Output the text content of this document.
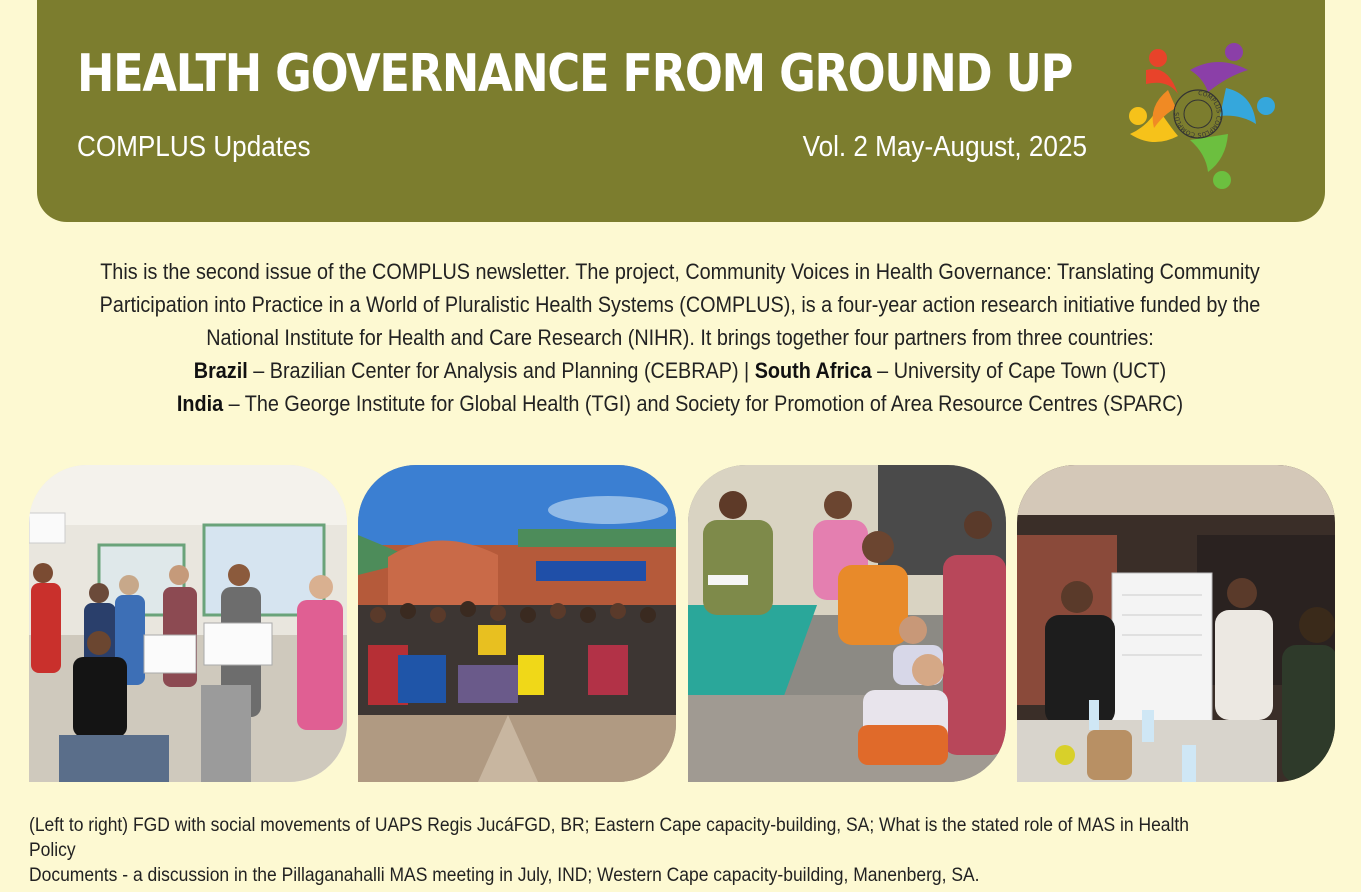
HEALTH GOVERNANCE FROM GROUND UP
COMPLUS Updates	Vol. 2 May-August, 2025
COMPLUS COMPLUS COMPLUS
This is the second issue of the COMPLUS newsletter. The project, Community Voices in Health Governance: Translating Community
Participation into Practice in a World of Pluralistic Health Systems (COMPLUS), is a four-year action research initiative funded by the
National Institute for Health and Care Research (NIHR). It brings together four partners from three countries:
Brazil – Brazilian Center for Analysis and Planning (CEBRAP) | South Africa – University of Cape Town (UCT)
India – The George Institute for Global Health (TGI) and Society for Promotion of Area Resource Centres (SPARC)
(Left to right) FGD with social movements of UAPS Regis JucáFGD, BR; Eastern Cape capacity-building, SA; What is the stated role of MAS in Health Policy
Documents - a discussion in the Pillaganahalli MAS meeting in July, IND; Western Cape capacity-building, Manenberg, SA.
